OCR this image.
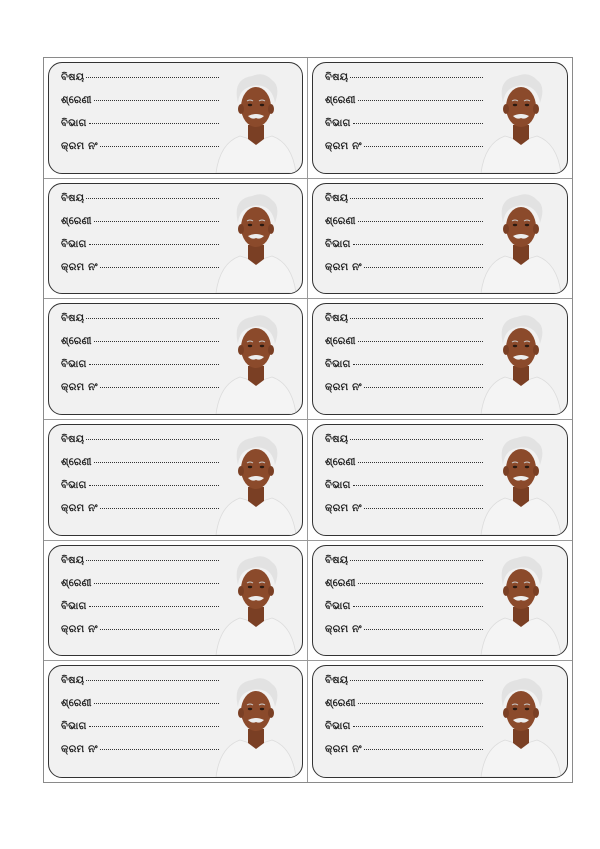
ବିଷୟ
ଶ୍ରେଣୀ
ବିଭାଗ
କ୍ରମ ନଂ
ବିଷୟ
ଶ୍ରେଣୀ
ବିଭାଗ
କ୍ରମ ନଂ
ବିଷୟ
ଶ୍ରେଣୀ
ବିଭାଗ
କ୍ରମ ନଂ
ବିଷୟ
ଶ୍ରେଣୀ
ବିଭାଗ
କ୍ରମ ନଂ
ବିଷୟ
ଶ୍ରେଣୀ
ବିଭାଗ
କ୍ରମ ନଂ
ବିଷୟ
ଶ୍ରେଣୀ
ବିଭାଗ
କ୍ରମ ନଂ
ବିଷୟ
ଶ୍ରେଣୀ
ବିଭାଗ
କ୍ରମ ନଂ
ବିଷୟ
ଶ୍ରେଣୀ
ବିଭାଗ
କ୍ରମ ନଂ
ବିଷୟ
ଶ୍ରେଣୀ
ବିଭାଗ
କ୍ରମ ନଂ
ବିଷୟ
ଶ୍ରେଣୀ
ବିଭାଗ
କ୍ରମ ନଂ
ବିଷୟ
ଶ୍ରେଣୀ
ବିଭାଗ
କ୍ରମ ନଂ
ବିଷୟ
ଶ୍ରେଣୀ
ବିଭାଗ
କ୍ରମ ନଂ
